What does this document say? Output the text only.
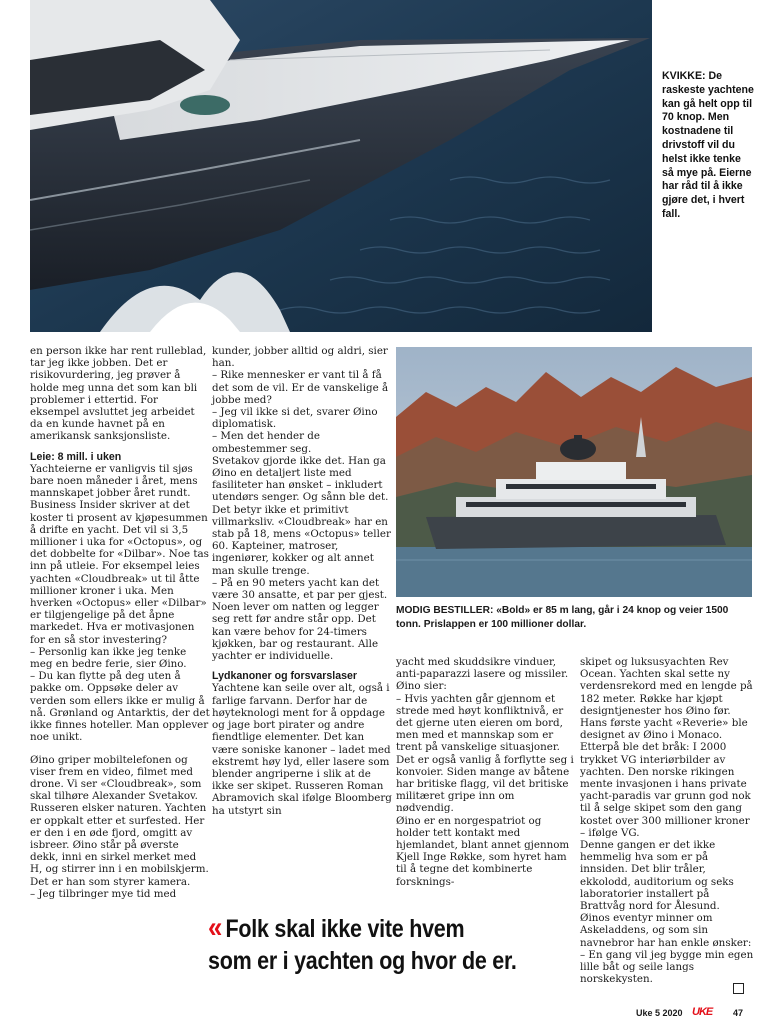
KVIKKE: De raskeste yachtene kan gå helt opp til 70 knop. Men kostnadene til drivstoff vil du helst ikke tenke så mye på. Eierne har råd til å ikke gjøre det, i hvert fall.

en person ikke har rent rulleblad, tar jeg ikke jobben. Det er risikovurdering, jeg prøver å holde meg unna det som kan bli problemer i ettertid. For eksempel avsluttet jeg arbeidet da en kunde havnet på en amerikansk sanksjonsliste.

Leie: 8 mill. i uken

Yachteierne er vanligvis til sjøs bare noen måneder i året, mens mannskapet jobber året rundt. Business Insider skriver at det koster ti prosent av kjøpesummen å drifte en yacht. Det vil si 3,5 millioner i uka for «Octopus», og det dobbelte for «Dilbar». Noe tas inn på utleie. For eksempel leies yachten «Cloudbreak» ut til åtte millioner kroner i uka. Men hverken «Octopus» eller «Dilbar» er tilgjengelige på det åpne markedet. Hva er motivasjonen for en så stor investering?

– Personlig kan ikke jeg tenke meg en bedre ferie, sier Øino.

– Du kan flytte på deg uten å pakke om. Oppsøke deler av verden som ellers ikke er mulig å nå. Grønland og Antarktis, der det ikke finnes hoteller. Man opplever noe unikt.

Øino griper mobiltelefonen og viser frem en video, filmet med drone. Vi ser «Cloudbreak», som skal tilhøre Alexander Svetakov. Russeren elsker naturen. Yachten er oppkalt etter et surfested. Her er den i en øde fjord, omgitt av isbreer. Øino står på øverste dekk, inni en sirkel merket med H, og stirrer inn i en mobilskjerm. Det er han som styrer kamera.

– Jeg tilbringer mye tid med

kunder, jobber alltid og aldri, sier han.

– Rike mennesker er vant til å få det som de vil. Er de vanskelige å jobbe med?

– Jeg vil ikke si det, svarer Øino diplomatisk.

– Men det hender de ombestemmer seg.

Svetakov gjorde ikke det. Han ga Øino en detaljert liste med fasiliteter han ønsket – inkludert utendørs senger. Og sånn ble det. Det betyr ikke et primitivt villmarksliv. «Cloudbreak» har en stab på 18, mens «Octopus» teller 60. Kapteiner, matroser, ingeniører, kokker og alt annet man skulle trenge.

– På en 90 meters yacht kan det være 30 ansatte, et par per gjest. Noen lever om natten og legger seg rett før andre står opp. Det kan være behov for 24-timers kjøkken, bar og restaurant. Alle yachter er individuelle.

Lydkanoner og forsvarslaser

Yachtene kan seile over alt, også i farlige farvann. Derfor har de høyteknologi ment for å oppdage og jage bort pirater og andre fiendtlige elementer. Det kan være soniske kanoner – ladet med ekstremt høy lyd, eller lasere som blender angriperne i slik at de ikke ser skipet. Russeren Roman Abramovich skal ifølge Bloomberg ha utstyrt sin

MODIG BESTILLER: «Bold» er 85 m lang, går i 24 knop og veier 1500 tonn. Prislappen er 100 millioner dollar.

yacht med skuddsikre vinduer, anti-paparazzi lasere og missiler. Øino sier:

– Hvis yachten går gjennom et strede med høyt konfliktnivå, er det gjerne uten eieren om bord, men med et mannskap som er trent på vanskelige situasjoner. Det er også vanlig å forflytte seg i konvoier. Siden mange av båtene har britiske flagg, vil det britiske militæret gripe inn om nødvendig.

Øino er en norgespatriot og holder tett kontakt med hjemlandet, blant annet gjennom Kjell Inge Røkke, som hyret ham til å tegne det kombinerte forsknings-

skipet og luksusyachten Rev Ocean. Yachten skal sette ny verdensrekord med en lengde på 182 meter. Røkke har kjøpt designtjenester hos Øino før.

Hans første yacht «Reverie» ble designet av Øino i Monaco. Etterpå ble det bråk: I 2000 trykket VG interiørbilder av yachten. Den norske rikingen mente invasjonen i hans private yacht-paradis var grunn god nok til å selge skipet som den gang kostet over 300 millioner kroner – ifølge VG.

Denne gangen er det ikke hemmelig hva som er på innsiden. Det blir tråler, ekkolodd, auditorium og seks laboratorier installert på Brattvåg nord for Ålesund.

Øinos eventyr minner om Askeladdens, og som sin navnebror har han enkle ønsker:

– En gang vil jeg bygge min egen lille båt og seile langs norskekysten.

« Folk skal ikke vite hvem
som er i yachten og hvor de er.
Uke 5 2020 UKE 47
